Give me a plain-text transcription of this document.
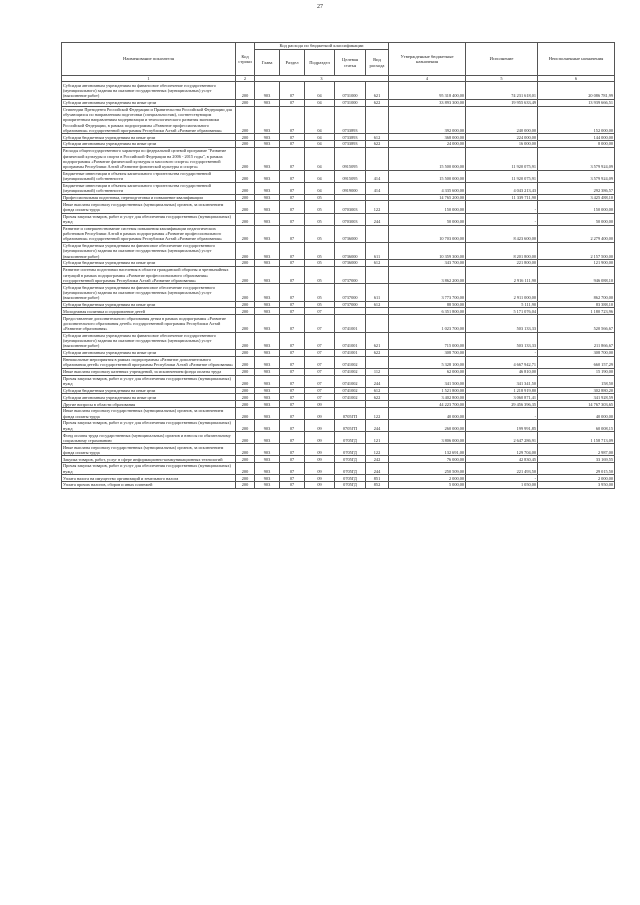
27
Наименование показателя	Код строки	Код расхода по бюджетной классификации					Утвержденные бюджетные назначения	Исполнение	Неисполненные назначения
		Глава	Раздел	Подраздел	Целевая статья	Вид расхода			
1	2	3					4	5	6
Субсидии автономным учреждениям на финансовое обеспечение государственного (муниципального) задания на оказание государственных (муниципальных) услуг (выполнение работ)	200	903	07	04	0731000	621	95 318 400,00	74 231 618,01	20 086 781,99
Субсидии автономным учреждениям на иные цели	200	903	07	04	0731000	622	33 893 300,00	19 955 633,49	13 939 666,51
Стипендии Президента Российской Федерации и Правительства Российской Федерации для обучающихся по направлениям подготовки (специальностям), соответствующим приоритетным направлениям модернизации и технологического развития экономики Российской Федерации, в рамках подпрограммы «Развитие профессионального образования» государственной программы Республики Алтай «Развитие образования»	200	903	07	04	0733893		392 000,00	240 000,00	152 000,00
Субсидии бюджетным учреждениям на иные цели	200	903	07	04	0733893	612	368 000,00	224 000,00	144 000,00
Субсидии автономным учреждениям на иные цели	200	903	07	04	0733893	622	24 000,00	16 000,00	8 000,00
Расходы общегосударственного характера по федеральной целевой программе "Развитие физической культуры и спорта в Российской Федерации на 2006 - 2015 годы", в рамках подпрограммы «Развитие физической культуры и массового спорта» государственной программы Республики Алтай «Развитие физической культуры и спорта»	200	903	07	04	0915095		15 500 000,00	11 920 075,91	3 579 924,09
Бюджетные инвестиции в объекты капитального строительства государственной (муниципальной) собственности	200	903	07	04	0915095	414	15 500 000,00	11 920 075,91	3 579 924,09
Бюджетные инвестиции в объекты капитального строительства государственной (муниципальной) собственности	200	903	07	04	0919000	414	4 335 600,00	4 043 213,43	292 386,57
Профессиональная подготовка, переподготовка и повышение квалификации	200	903	07	05			14 765 200,00	11 339 711,90	3 425 488,10
Иные выплаты персоналу государственных (муниципальных) органов, за исключением фонда оплаты труда	200	903	07	05	0703003	122	150 000,00	-	150 000,00
Прочая закупка товаров, работ и услуг для обеспечения государственных (муниципальных) нужд	200	903	07	05	0703003	244	50 000,00	-	50 000,00
Развитие и совершенствование системы повышения квалификации педагогических работников Республики Алтай в рамках подпрограммы «Развитие профессионального образования» государственной программы Республики Алтай «Развитие образования»	200	903	07	05	0736000		10 703 000,00	8 423 600,00	2 279 400,00
Субсидии бюджетным учреждениям на финансовое обеспечение государственного (муниципального) задания на оказание государственных (муниципальных) услуг (выполнение работ)	200	903	07	05	0736000	611	10 359 300,00	8 201 800,00	2 157 500,00
Субсидии бюджетным учреждениям на иные цели	200	903	07	05	0736000	612	343 700,00	221 800,00	121 900,00
Развитие системы подготовки населения в области гражданской обороны и чрезвычайных ситуаций в рамках подпрограммы «Развитие профессионального образования» государственной программы Республики Алтай «Развитие образования»	200	903	07	05	0737000		3 862 200,00	2 916 111,90	946 088,10
Субсидии бюджетным учреждениям на финансовое обеспечение государственного (муниципального) задания на оказание государственных (муниципальных) услуг (выполнение работ)	200	903	07	05	0737000	611	3 773 700,00	2 911 000,00	862 700,00
Субсидии бюджетным учреждениям на иные цели	200	903	07	05	0737000	612	88 500,00	5 111,90	83 388,10
Молодежная политика и оздоровление детей	200	903	07	07			6 351 800,00	5 171 076,04	1 180 723,96
Предоставление дополнительного образования детям в рамках подпрограммы «Развитие дополнительного образования детей» государственной программы Республики Алтай «Развитие образования»	200	903	07	07	0741001		1 023 700,00	503 133,33	520 566,67
Субсидии автономным учреждениям на финансовое обеспечение государственного (муниципального) задания на оказание государственных (муниципальных) услуг (выполнение работ)	200	903	07	07	0741001	621	715 000,00	503 133,33	211 866,67
Субсидии автономным учреждениям на иные цели	200	903	07	07	0741001	622	308 700,00	-	308 700,00
Внешкольные мероприятия в рамках подпрограммы «Развитие дополнительного образования детей» государственной программы Республики Алтай «Развитие образования»	200	903	07	07	0741002		5 328 100,00	4 667 942,71	660 157,29
Иные выплаты персоналу казенных учреждений, за исключением фонда оплаты труда	200	903	07	07	0741002	112	62 000,00	46 810,00	15 190,00
Прочая закупка товаров, работ и услуг для обеспечения государственных (муниципальных) нужд	200	903	07	07	0741002	244	341 500,00	341 341,50	158,50
Субсидии бюджетным учреждениям на иные цели	200	903	07	07	0741002	612	1 521 800,00	1 218 919,80	302 880,20
Субсидии автономным учреждениям на иные цели	200	903	07	07	0741002	622	3 402 800,00	3 060 871,41	341 928,59
Другие вопросы в области образования	200	903	07	09			44 223 700,00	29 456 396,35	14 767 303,65
Иные выплаты персоналу государственных (муниципальных) органов, за исключением фонда оплаты труда	200	903	07	09	0705ГП	122	40 000,00	-	40 000,00
Прочая закупка товаров, работ и услуг для обеспечения государственных (муниципальных) нужд	200	903	07	09	0705ГП	244	260 000,00	199 991,85	60 008,15
Фонд оплаты труда государственных (муниципальных) органов и взносы по обязательному социальному страхованию	200	903	07	09	0705ГД	121	3 806 000,00	2 647 286,91	1 158 713,09
Иные выплаты персоналу государственных (муниципальных) органов, за исключением фонда оплаты труда	200	903	07	09	0705ГД	122	132 691,00	129 704,00	2 987,00
Закупка товаров, работ, услуг в сфере информационно-коммуникационных технологий	200	903	07	09	0705ГД	242	76 000,00	42 830,45	33 169,55
Прочая закупка товаров, работ и услуг для обеспечения государственных (муниципальных) нужд	200	903	07	09	0705ГД	244	250 509,00	221 493,50	29 015,50
Уплата налога на имущество организаций и земельного налога	200	903	07	09	0705ГД	851	2 000,00	-	2 000,00
Уплата прочих налогов, сборов и иных платежей	200	903	07	09	0705ГД	852	5 000,00	1 050,00	3 950,00
